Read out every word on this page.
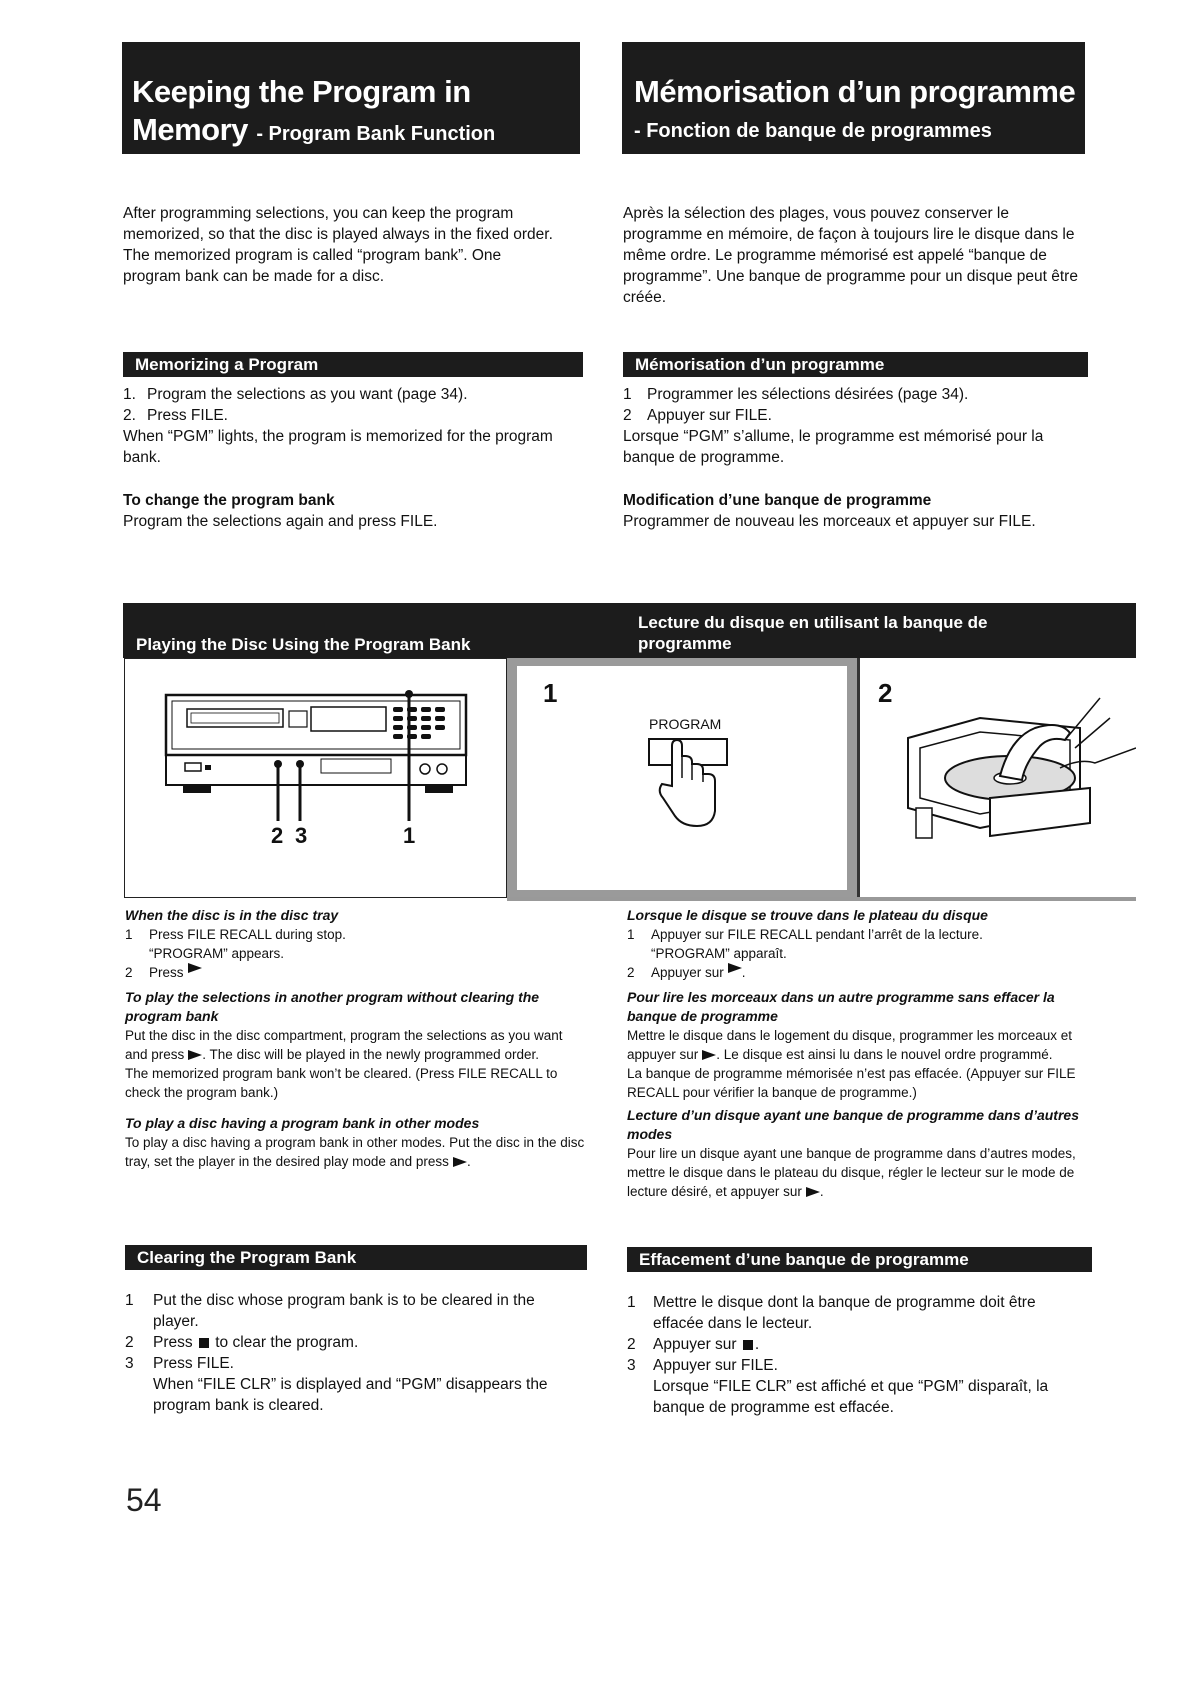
Keeping the Program in
Memory - Program Bank Function
Mémorisation d’un programme
- Fonction de banque de programmes
After programming selections, you can keep the program memorized, so that the disc is played always in the fixed order. The memorized program is called “program bank”. One program bank can be made for a disc.
Après la sélection des plages, vous pouvez conserver le programme en mémoire, de façon à toujours lire le disque dans le même ordre. Le programme mémorisé est appelé “banque de programme”. Une banque de programme pour un disque peut être créée.
Memorizing a Program	Mémorisation d’un programme
1. Program the selections as you want (page 34).
2. Press FILE.
When “PGM” lights, the program is memorized for the program bank.
To change the program bank
Program the selections again and press FILE.
1 Programmer les sélections désirées (page 34).
2 Appuyer sur FILE.
Lorsque “PGM” s’allume, le programme est mémorisé pour la banque de programme.
Modification d’une banque de programme
Programmer de nouveau les morceaux et appuyer sur FILE.
Playing the Disc Using the Program Bank
Lecture du disque en utilisant la banque de programme
2 3	1
1
PROGRAM
2
When the disc is in the disc tray
1	Press FILE RECALL during stop.
“PROGRAM” appears.
2	Press
To play the selections in another program without clearing the program bank
Put the disc in the disc compartment, program the selections as you want and press . The disc will be played in the newly programmed order.
The memorized program bank won’t be cleared. (Press FILE RECALL to check the program bank.)
To play a disc having a program bank in other modes
To play a disc having a program bank in other modes. Put the disc in the disc tray, set the player in the desired play mode and press .
Lorsque le disque se trouve dans le plateau du disque
1	Appuyer sur FILE RECALL pendant l’arrêt de la lecture.
“PROGRAM” apparaît.
2	Appuyer sur .
Pour lire les morceaux dans un autre programme sans effacer la banque de programme
Mettre le disque dans le logement du disque, programmer les morceaux et appuyer sur . Le disque est ainsi lu dans le nouvel ordre programmé.
La banque de programme mémorisée n’est pas effacée. (Appuyer sur FILE RECALL pour vérifier la banque de programme.)
Lecture d’un disque ayant une banque de programme dans d’autres modes
Pour lire un disque ayant une banque de programme dans d’autres modes, mettre le disque dans le plateau du disque, régler le lecteur sur le mode de lecture désiré, et appuyer sur .
Clearing the Program Bank	Effacement d’une banque de programme
1	Put the disc whose program bank is to be cleared in the player.
2	Press to clear the program.
3	Press FILE.
When “FILE CLR” is displayed and “PGM” disappears the program bank is cleared.
1	Mettre le disque dont la banque de programme doit être effacée dans le lecteur.
2	Appuyer sur .
3	Appuyer sur FILE.
Lorsque “FILE CLR” est affiché et que “PGM” disparaît, la banque de programme est effacée.
54
